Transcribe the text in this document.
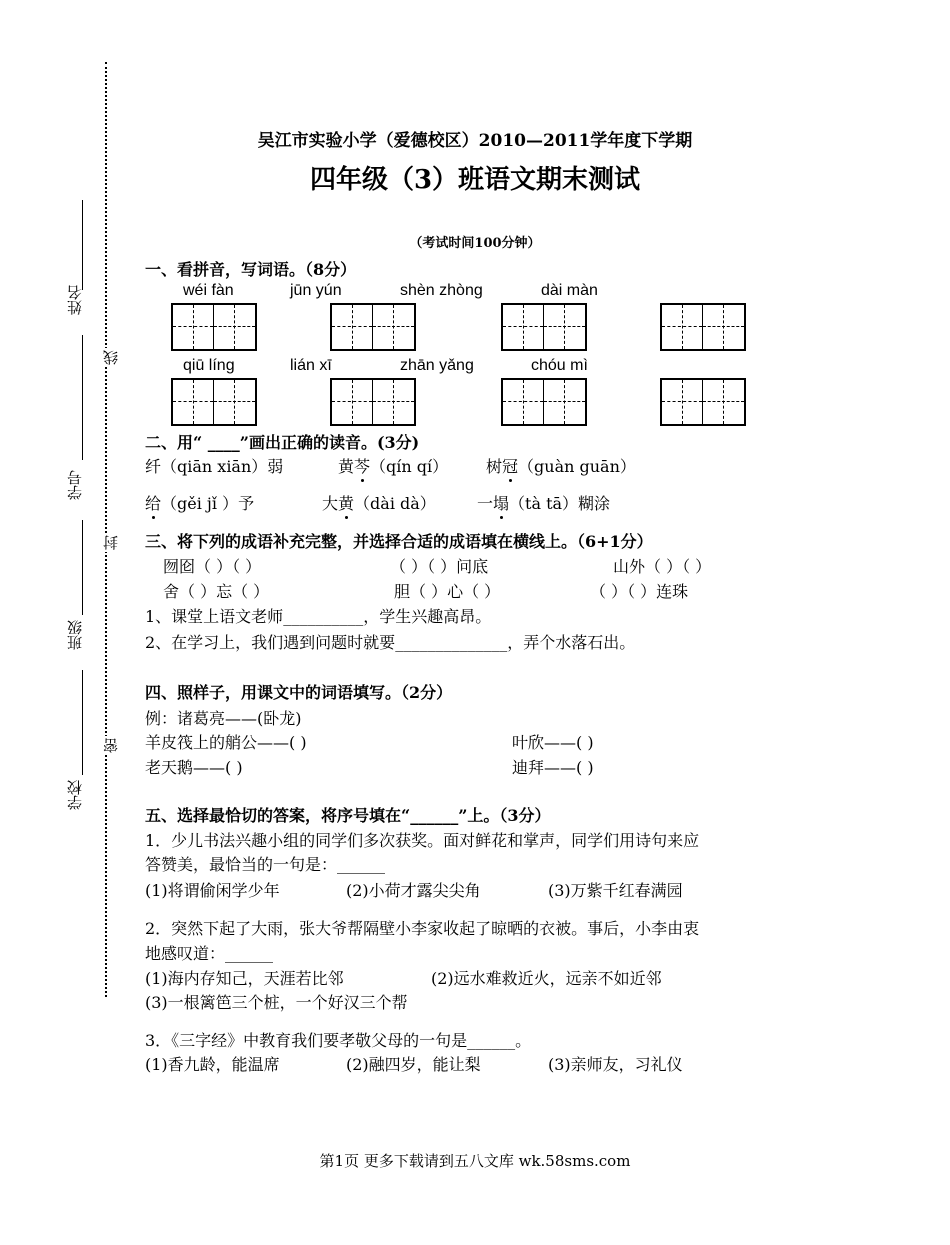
姓名
学号
班级
学校
线
封
密
吴江市实验小学（爱德校区）2010—2011学年度下学期
四年级（3）班语文期末测试
（考试时间100分钟）
一、看拼音，写词语。（8分）
wéi fàn	jūn yún	shèn zhòng	dài màn
qiū líng	lián xī	zhān yǎng	chóu mì
二、用“ ____”画出正确的读音。(3分)
纤（qiān xiān）弱	黄芩（qín qí） 树冠（guàn guān）
给（gěi jǐ ）予	大黄（dài dà）	一塌（tà tā）糊涂
三、将下列的成语补充完整，并选择合适的成语填在横线上。（6+1分）
囫囵（ ）（ ）	（ ）（ ）问底	山外（ ）（ ）
舍（ ）忘（ ）	胆（ ）心（ ）	（ ）（ ）连珠
1、课堂上语文老师__________，学生兴趣高昂。
2、在学习上，我们遇到问题时就要______________，弄个水落石出。
四、照样子，用课文中的词语填写。（2分）
例：诸葛亮——(卧龙)
羊皮筏上的艄公——( )	叶欣——( )
老天鹅——( )	迪拜——( )
五、选择最恰切的答案，将序号填在“______”上。（3分）
1．少儿书法兴趣小组的同学们多次获奖。面对鲜花和掌声，同学们用诗句来应
答赞美，最恰当的一句是：______
(1)将谓偷闲学少年	(2)小荷才露尖尖角	(3)万紫千红春满园
2．突然下起了大雨，张大爷帮隔壁小李家收起了晾晒的衣被。事后，小李由衷
地感叹道：______
(1)海内存知己，天涯若比邻	(2)远水难救近火，远亲不如近邻
(3)一根篱笆三个桩，一个好汉三个帮
3．《三字经》中教育我们要孝敬父母的一句是______。
(1)香九龄，能温席	(2)融四岁，能让梨	(3)亲师友，习礼仪
第1页 更多下载请到五八文库 wk.58sms.com
